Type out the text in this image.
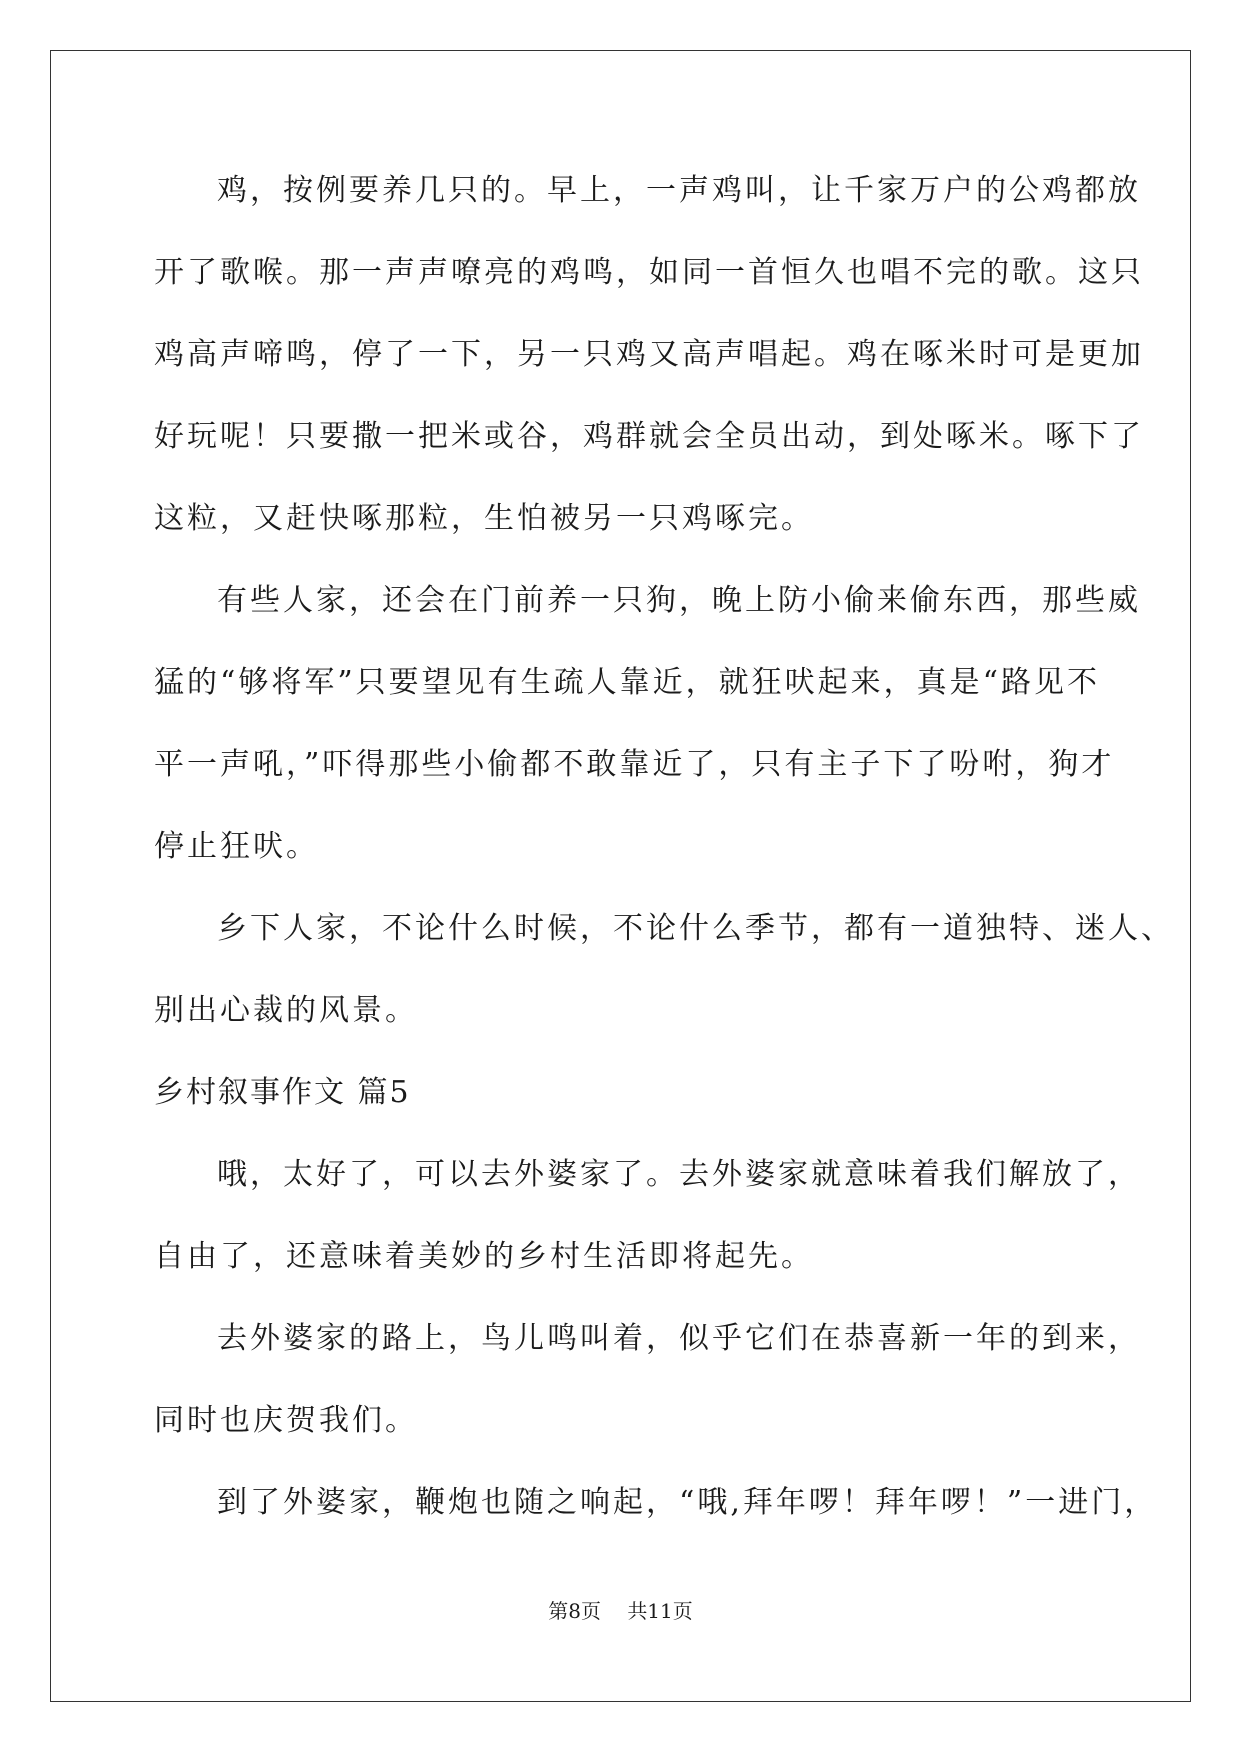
鸡，按例要养几只的。早上，一声鸡叫，让千家万户的公鸡都放
开了歌喉。那一声声嘹亮的鸡鸣，如同一首恒久也唱不完的歌。这只
鸡高声啼鸣，停了一下，另一只鸡又高声唱起。鸡在啄米时可是更加
好玩呢！只要撒一把米或谷，鸡群就会全员出动，到处啄米。啄下了
这粒，又赶快啄那粒，生怕被另一只鸡啄完。
有些人家，还会在门前养一只狗，晚上防小偷来偷东西，那些威
猛的“够将军”只要望见有生疏人靠近，就狂吠起来，真是“路见不
平一声吼，”吓得那些小偷都不敢靠近了，只有主子下了吩咐，狗才
停止狂吠。
乡下人家，不论什么时候，不论什么季节，都有一道独特、迷人、
别出心裁的风景。
乡村叙事作文 篇5
哦，太好了，可以去外婆家了。去外婆家就意味着我们解放了，
自由了，还意味着美妙的乡村生活即将起先。
去外婆家的路上，鸟儿鸣叫着，似乎它们在恭喜新一年的到来，
同时也庆贺我们。
到了外婆家，鞭炮也随之响起，“哦,拜年啰！拜年啰！”一进门，
第8页 共11页
